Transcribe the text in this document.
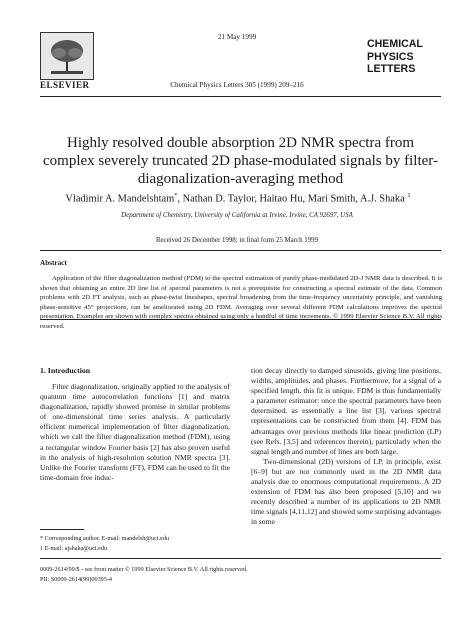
ELSEVIER
21 May 1999
Chemical Physics Letters 305 (1999) 209–216
CHEMICAL
PHYSICS
LETTERS
Highly resolved double absorption 2D NMR spectra from complex severely truncated 2D phase-modulated signals by filter-diagonalization-averaging method
Vladimir A. Mandelshtam*, Nathan D. Taylor, Haitao Hu, Mari Smith, A.J. Shaka $^1$
Department of Chemistry, University of California at Irvine, Irvine, CA 92697, USA
Received 26 December 1998; in final form 25 March 1999
Abstract
Application of the filter diagonalization method (FDM) to the spectral estimation of purely phase-modulated 2D-J NMR data is described. It is shown that obtaining an entire 2D line list of spectral parameters is not a prerequisite for constructing a spectral estimate of the data. Common problems with 2D FT analysis, such as phase-twist lineshapes, spectral broadening from the time-frequency uncertainty principle, and vanishing phase-sensitive 45° projections, can be ameliorated using 2D FDM. Averaging over several different FDM calculations improves the spectral presentation. Examples are shown with complex spectra obtained using only a handful of time increments. © 1999 Elsevier Science B.V. All rights reserved.
1. Introduction
Filter diagonalization, originally applied to the analysis of quantum time autocorrelation functions [1] and matrix diagonalization, rapidly showed promise in similar problems of one-dimensional time series analysis. A particularly efficient numerical implementation of filter diagonalization, which we call the filter diagonalization method (FDM), using a rectangular window Fourier basis [2] has also proven useful in the analysis of high-resolution solution NMR spectra [3]. Unlike the Fourier transform (FT), FDM can be used to fit the time-domain free induc-

tion decay directly to damped sinusoids, giving line positions, widths, amplitudes, and phases. Furthermore, for a signal of a specified length, this fit is unique. FDM is thus fundamentally a parameter estimator: once the spectral parameters have been determined, as essentially a line list [3], various spectral representations can be constructed from them [4]. FDM has advantages over previous methods like linear prediction (LP) (see Refs. [3,5] and references therein), particularly when the signal length and number of lines are both large.

Two-dimensional (2D) versions of LP, in principle, exist [6–9] but are not commonly used in the 2D NMR data analysis due to enormous computational requirements. A 2D extension of FDM has also been proposed [5,10] and we recently described a number of its applications to 2D NMR time signals [4,11,12] and showed some surprising advantages in some

* Corresponding author. E-mail: mandelsh@uci.edu
1 E-mail: ajshaka@uci.edu
0009-2614/99/$ - see front matter © 1999 Elsevier Science B.V. All rights reserved.
PII: S0009-2614(99)00395-4
